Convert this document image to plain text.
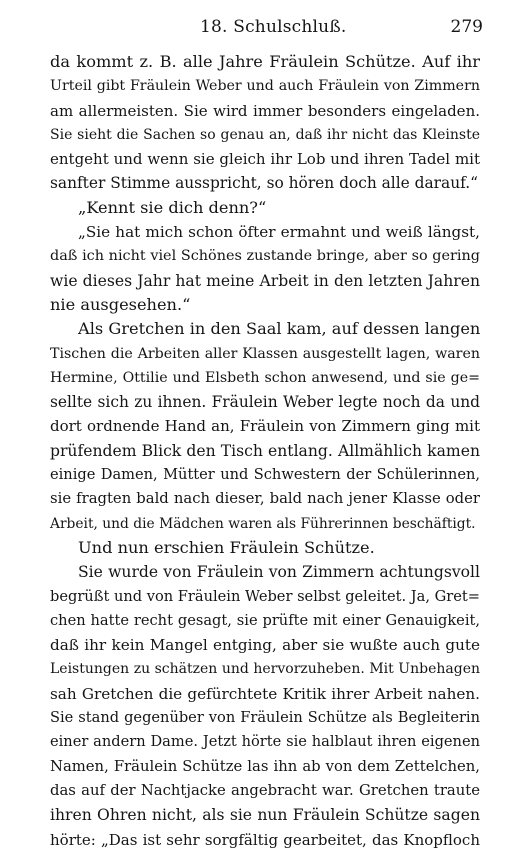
18. Schulschluß.	279
da kommt z. B. alle Jahre Fräulein Schütze. Auf ihr
Urteil gibt Fräulein Weber und auch Fräulein von Zimmern
am allermeisten. Sie wird immer besonders eingeladen.
Sie sieht die Sachen so genau an, daß ihr nicht das Kleinste
entgeht und wenn sie gleich ihr Lob und ihren Tadel mit
sanfter Stimme ausspricht, so hören doch alle darauf.“
„Kennt sie dich denn?“
„Sie hat mich schon öfter ermahnt und weiß längst,
daß ich nicht viel Schönes zustande bringe, aber so gering
wie dieses Jahr hat meine Arbeit in den letzten Jahren
nie ausgesehen.“
Als Gretchen in den Saal kam, auf dessen langen
Tischen die Arbeiten aller Klassen ausgestellt lagen, waren
Hermine, Ottilie und Elsbeth schon anwesend, und sie ge=
sellte sich zu ihnen. Fräulein Weber legte noch da und
dort ordnende Hand an, Fräulein von Zimmern ging mit
prüfendem Blick den Tisch entlang. Allmählich kamen
einige Damen, Mütter und Schwestern der Schülerinnen,
sie fragten bald nach dieser, bald nach jener Klasse oder
Arbeit, und die Mädchen waren als Führerinnen beschäftigt.
Und nun erschien Fräulein Schütze.
Sie wurde von Fräulein von Zimmern achtungsvoll
begrüßt und von Fräulein Weber selbst geleitet. Ja, Gret=
chen hatte recht gesagt, sie prüfte mit einer Genauigkeit,
daß ihr kein Mangel entging, aber sie wußte auch gute
Leistungen zu schätzen und hervorzuheben. Mit Unbehagen
sah Gretchen die gefürchtete Kritik ihrer Arbeit nahen.
Sie stand gegenüber von Fräulein Schütze als Begleiterin
einer andern Dame. Jetzt hörte sie halblaut ihren eigenen
Namen, Fräulein Schütze las ihn ab von dem Zettelchen,
das auf der Nachtjacke angebracht war. Gretchen traute
ihren Ohren nicht, als sie nun Fräulein Schütze sagen
hörte: „Das ist sehr sorgfältig gearbeitet, das Knopfloch
